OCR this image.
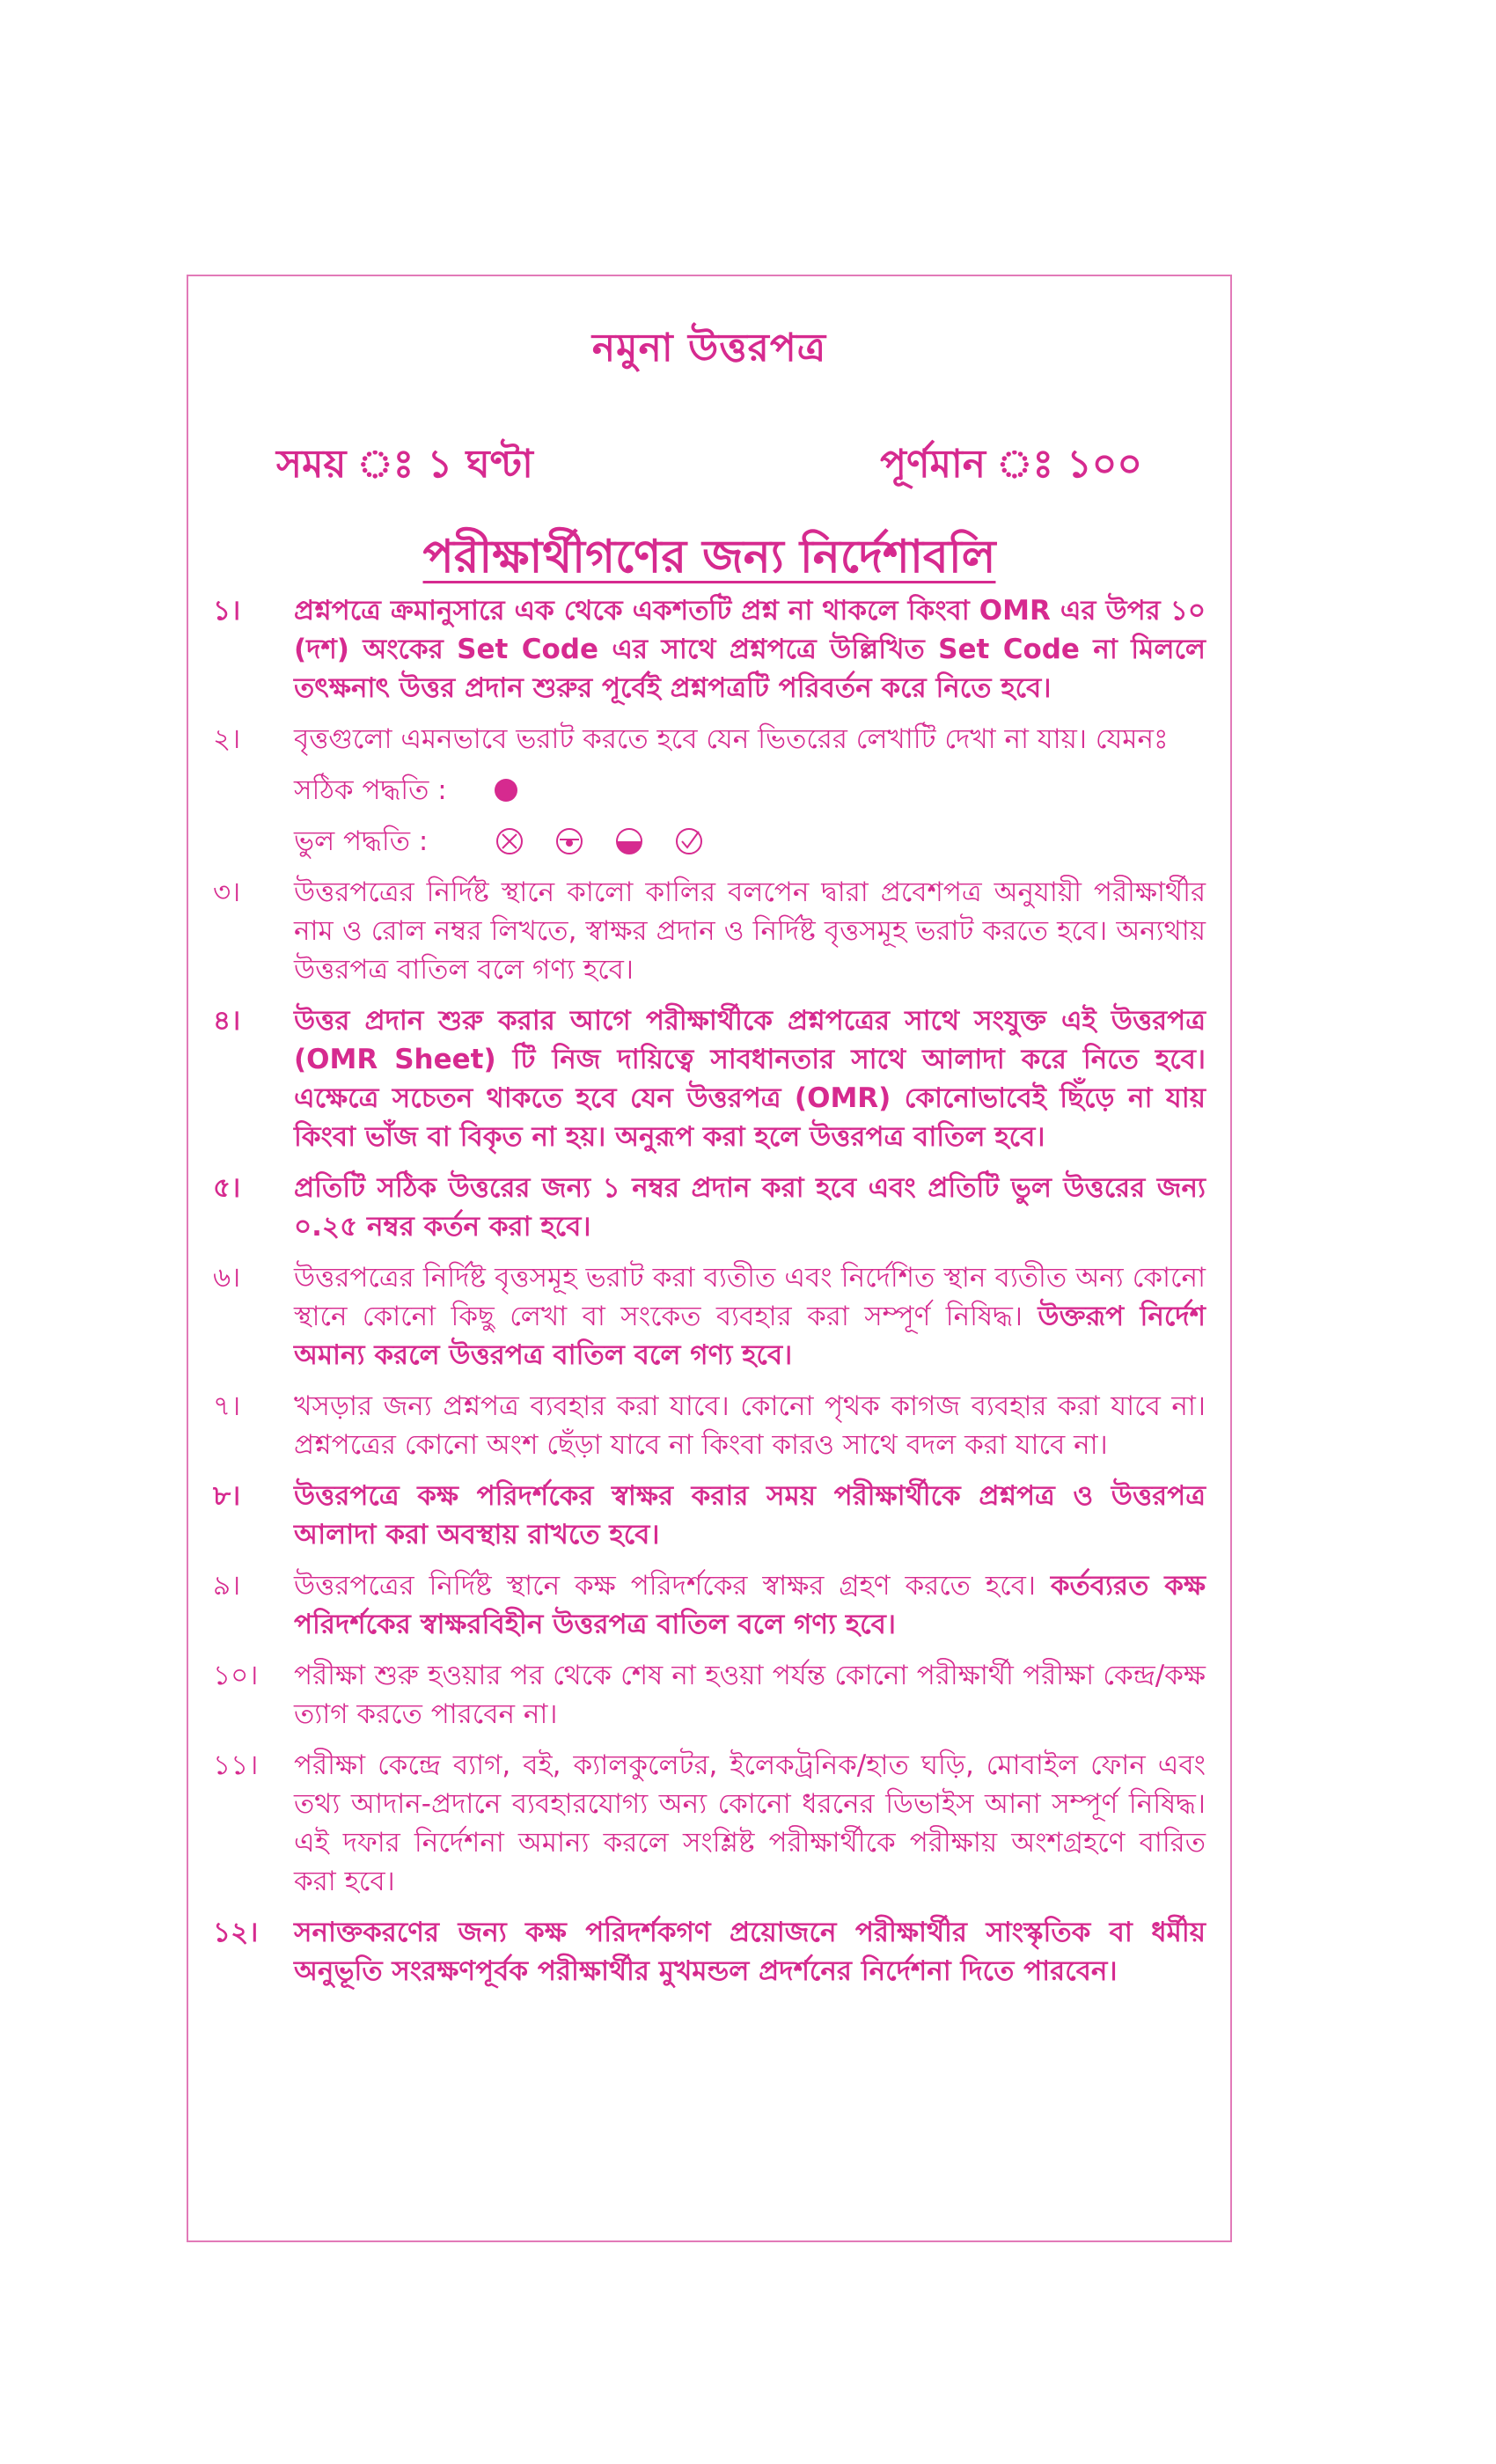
নমুনা উত্তরপত্র
সময় ঃ ১ ঘণ্টা	পূর্ণমান ঃ ১০০
পরীক্ষার্থীগণের জন্য নির্দেশাবলি
১।	প্রশ্নপত্রে ক্রমানুসারে এক থেকে একশতটি প্রশ্ন না থাকলে কিংবা OMR এর উপর ১০ (দশ) অংকের Set Code এর সাথে প্রশ্নপত্রে উল্লিখিত Set Code না মিললে তৎক্ষনাৎ উত্তর প্রদান শুরুর পূর্বেই প্রশ্নপত্রটি পরিবর্তন করে নিতে হবে।
২।	বৃত্তগুলো এমনভাবে ভরাট করতে হবে যেন ভিতরের লেখাটি দেখা না যায়। যেমনঃ
সঠিক পদ্ধতি :
ভুল পদ্ধতি :
৩।	উত্তরপত্রের নির্দিষ্ট স্থানে কালো কালির বলপেন দ্বারা প্রবেশপত্র অনুযায়ী পরীক্ষার্থীর নাম ও রোল নম্বর লিখতে, স্বাক্ষর প্রদান ও নির্দিষ্ট বৃত্তসমূহ ভরাট করতে হবে। অন্যথায় উত্তরপত্র বাতিল বলে গণ্য হবে।
৪।	উত্তর প্রদান শুরু করার আগে পরীক্ষার্থীকে প্রশ্নপত্রের সাথে সংযুক্ত এই উত্তরপত্র (OMR Sheet) টি নিজ দায়িত্বে সাবধানতার সাথে আলাদা করে নিতে হবে। এক্ষেত্রে সচেতন থাকতে হবে যেন উত্তরপত্র (OMR) কোনোভাবেই ছিঁড়ে না যায় কিংবা ভাঁজ বা বিকৃত না হয়। অনুরূপ করা হলে উত্তরপত্র বাতিল হবে।
৫।	প্রতিটি সঠিক উত্তরের জন্য ১ নম্বর প্রদান করা হবে এবং প্রতিটি ভুল উত্তরের জন্য ০.২৫ নম্বর কর্তন করা হবে।
৬।	উত্তরপত্রের নির্দিষ্ট বৃত্তসমূহ ভরাট করা ব্যতীত এবং নির্দেশিত স্থান ব্যতীত অন্য কোনো স্থানে কোনো কিছু লেখা বা সংকেত ব্যবহার করা সম্পূর্ণ নিষিদ্ধ। উক্তরূপ নির্দেশ অমান্য করলে উত্তরপত্র বাতিল বলে গণ্য হবে।
৭।	খসড়ার জন্য প্রশ্নপত্র ব্যবহার করা যাবে। কোনো পৃথক কাগজ ব্যবহার করা যাবে না। প্রশ্নপত্রের কোনো অংশ ছেঁড়া যাবে না কিংবা কারও সাথে বদল করা যাবে না।
৮।	উত্তরপত্রে কক্ষ পরিদর্শকের স্বাক্ষর করার সময় পরীক্ষার্থীকে প্রশ্নপত্র ও উত্তরপত্র আলাদা করা অবস্থায় রাখতে হবে।
৯।	উত্তরপত্রের নির্দিষ্ট স্থানে কক্ষ পরিদর্শকের স্বাক্ষর গ্রহণ করতে হবে। কর্তব্যরত কক্ষ পরিদর্শকের স্বাক্ষরবিহীন উত্তরপত্র বাতিল বলে গণ্য হবে।
১০।	পরীক্ষা শুরু হওয়ার পর থেকে শেষ না হওয়া পর্যন্ত কোনো পরীক্ষার্থী পরীক্ষা কেন্দ্র/কক্ষ ত্যাগ করতে পারবেন না।
১১।	পরীক্ষা কেন্দ্রে ব্যাগ, বই, ক্যালকুলেটর, ইলেকট্রনিক/হাত ঘড়ি, মোবাইল ফোন এবং তথ্য আদান-প্রদানে ব্যবহারযোগ্য অন্য কোনো ধরনের ডিভাইস আনা সম্পূর্ণ নিষিদ্ধ। এই দফার নির্দেশনা অমান্য করলে সংশ্লিষ্ট পরীক্ষার্থীকে পরীক্ষায় অংশগ্রহণে বারিত করা হবে।
১২।	সনাক্তকরণের জন্য কক্ষ পরিদর্শকগণ প্রয়োজনে পরীক্ষার্থীর সাংস্কৃতিক বা ধর্মীয় অনুভূতি সংরক্ষণপূর্বক পরীক্ষার্থীর মুখমন্ডল প্রদর্শনের নির্দেশনা দিতে পারবেন।
